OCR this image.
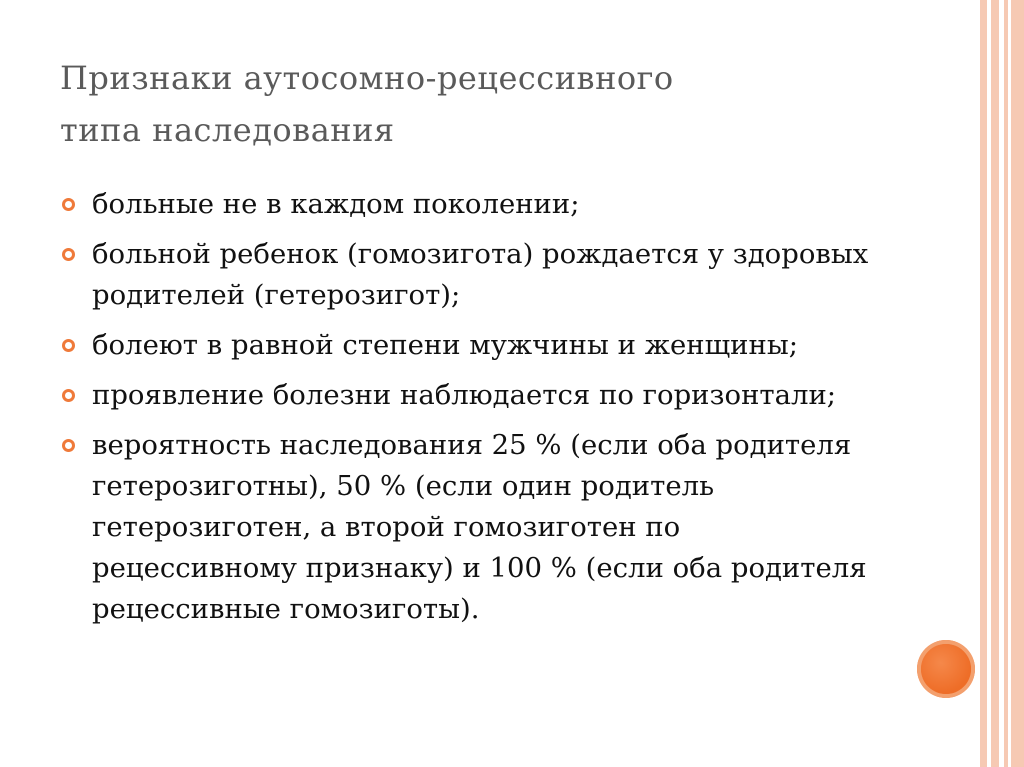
Признаки аутосомно-рецессивного
типа наследования
больные не в каждом поколении;
больной ребенок (гомозигота) рождается у здоровых родителей (гетерозигот);
болеют в равной степени мужчины и женщины;
проявление болезни наблюдается по горизонтали;
вероятность наследования 25 % (если оба родителя гетерозиготны), 50 % (если один родитель гетерозиготен, а второй гомозиготен по рецессивному признаку) и 100 % (если оба родителя рецессивные гомозиготы).
